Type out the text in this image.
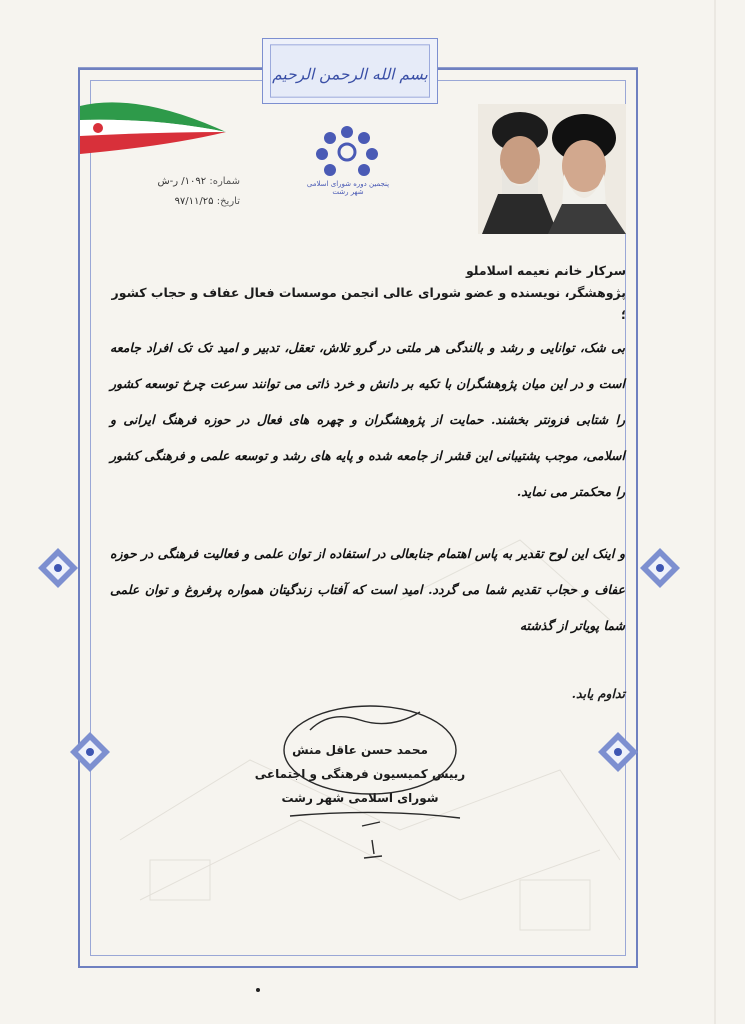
بسم الله الرحمن الرحیم
شماره: ۱۰۹۲/ ر-ش
تاریخ: ۹۷/۱۱/۲۵
پنجمین دوره شورای اسلامی شهر رشت
سرکار خانم نعیمه اسلاملو
پژوهشگر، نویسنده و عضو شورای عالی انجمن موسسات فعال عفاف و حجاب کشور ؛

بی شک، توانایی و رشد و بالندگی هر ملتی در گرو تلاش، تعقل، تدبیر و امید تک تک افراد جامعه است و در این میان پژوهشگران با تکیه بر دانش و خرد ذاتی می توانند سرعت چرخ توسعه کشور را شتابی فزونتر بخشند. حمایت از پژوهشگران و چهره های فعال در حوزه فرهنگ ایرانی و اسلامی، موجب پشتیبانی این قشر از جامعه شده و پایه های رشد و توسعه علمی و فرهنگی کشور را محکمتر می نماید.

و اینک این لوح تقدیر به پاس اهتمام جنابعالی در استفاده از توان علمی و فعالیت فرهنگی در حوزه عفاف و حجاب تقدیم شما می گردد. امید است که آفتاب زندگیتان همواره پرفروغ و توان علمی شما پویاتر از گذشته

تداوم یابد.
محمد حسن عاقل منش
رییس کمیسیون فرهنگی و اجتماعی
شورای اسلامی شهر رشت
